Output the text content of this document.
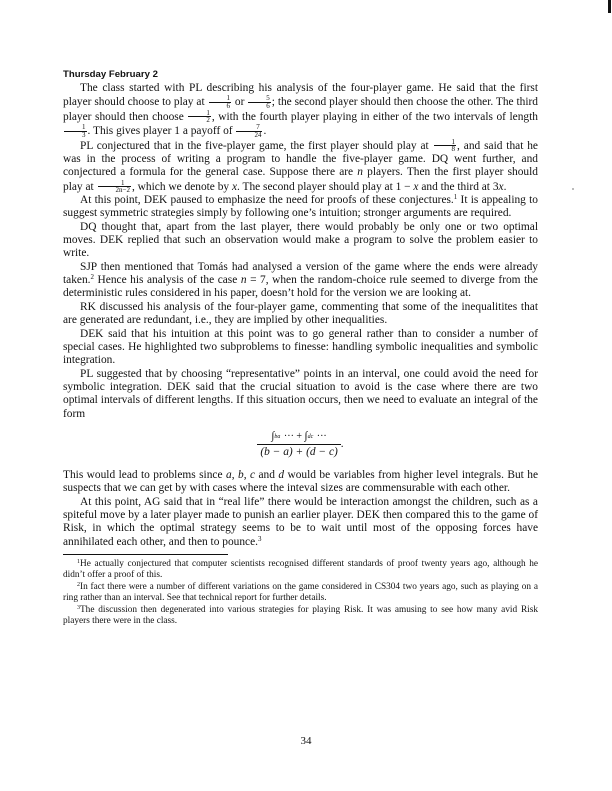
Thursday February 2

The class started with PL describing his analysis of the four-player game. He said that the first player should choose to play at $\frac{1}{6}$ or $\frac{5}{6}$ ; the second player should then choose the other. The third player should then choose $\frac{1}{2}$ , with the fourth player playing in either of the two intervals of length
$\frac{1}{3}$ . This gives player 1 a payoff of $\frac{7}{24}$ .

PL conjectured that in the five-player game, the first player should play at $\frac{1}{8}$ , and said that he was in the process of writing a program to handle the five-player game. DQ went further, and conjectured a formula for the general case. Suppose there are n players. Then the first player should play at $\frac{1}{2n-2}$ , which we denote by x. The second player should play at 1 − x and the third at 3x.

At this point, DEK paused to emphasize the need for proofs of these conjectures.$^1$ It is appealing to suggest symmetric strategies simply by following one’s intuition; stronger arguments are required.

DQ thought that, apart from the last player, there would probably be only one or two optimal moves. DEK replied that such an observation would make a program to solve the problem easier to write.

SJP then mentioned that Tomás had analysed a version of the game where the ends were already taken.$^2$ Hence his analysis of the case n = 7, when the random-choice rule seemed to diverge from the deterministic rules considered in his paper, doesn’t hold for the version we are looking at.

RK discussed his analysis of the four-player game, commenting that some of the inequalitites that are generated are redundant, i.e., they are implied by other inequalities.

DEK said that his intuition at this point was to go general rather than to consider a number of special cases. He highlighted two subproblems to finesse: handling symbolic inequalities and symbolic integration.

PL suggested that by choosing “representative” points in an interval, one could avoid the need for symbolic integration. DEK said that the crucial situation to avoid is the case where there are two optimal intervals of different lengths. If this situation occurs, then we need to evaluate an integral of the form

$\frac{\int ba \cdot\cdot\cdot + \int dc \cdot\cdot\cdot}{(b - a) + (d - c)}$ .

This would lead to problems since a, b, c and d would be variables from higher level integrals. But he suspects that we can get by with cases where the inteval sizes are commensurable with each other.

At this point, AG said that in “real life” there would be interaction amongst the children, such as a spiteful move by a later player made to punish an earlier player. DEK then compared this to the game of Risk, in which the optimal strategy seems to be to wait until most of the opposing forces have annihilated each other, and then to pounce.$^3$

$^1$He actually conjectured that computer scientists recognised different standards of proof twenty years ago, although he didn’t offer a proof of this.

$^2$In fact there were a number of different variations on the game considered in CS304 two years ago, such as playing on a ring rather than an interval. See that technical report for further details.

$^3$The discussion then degenerated into various strategies for playing Risk. It was amusing to see how many avid Risk players there were in the class.

34
